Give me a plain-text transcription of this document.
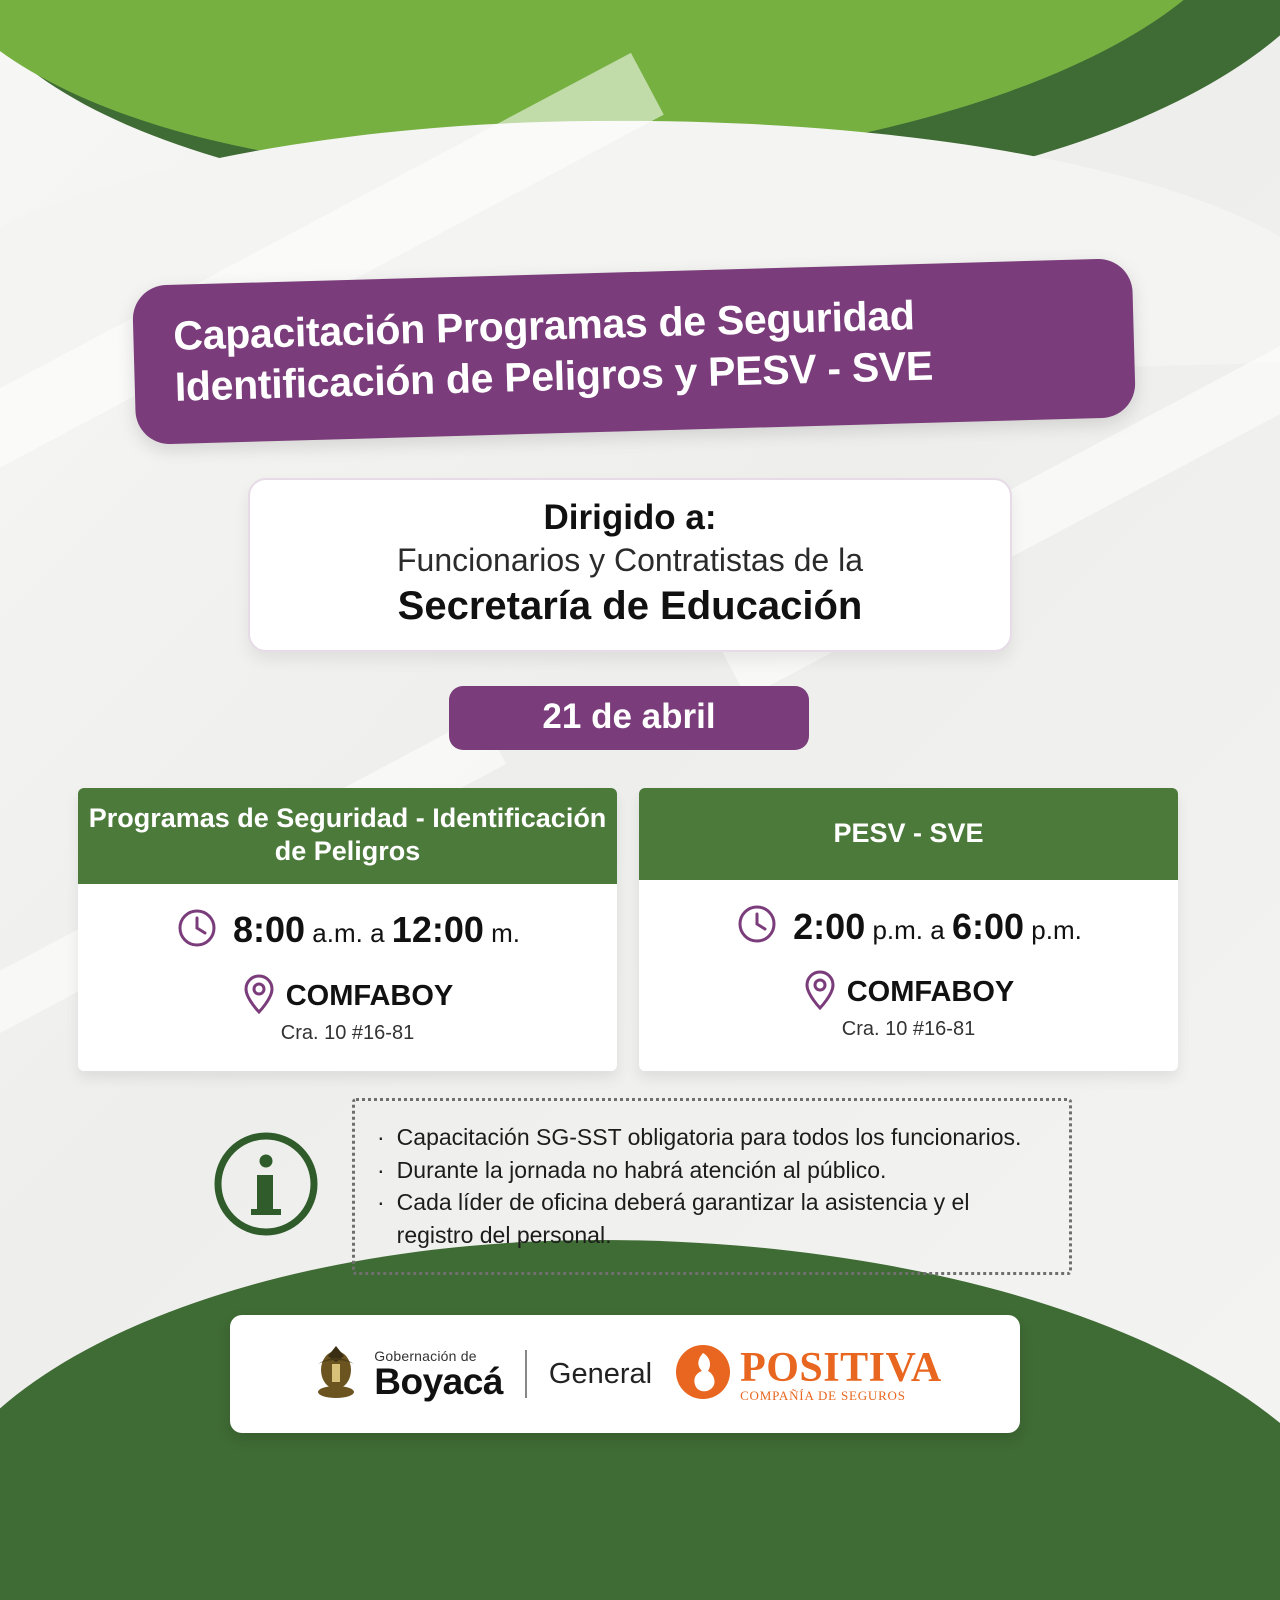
Capacitación Programas de Seguridad
Identificación de Peligros y PESV - SVE
Dirigido a:
Funcionarios y Contratistas de la
Secretaría de Educación
21 de abril
Programas de Seguridad - Identificación de Peligros
8:00 a.m. a 12:00 m.
COMFABOY
Cra. 10 #16-81
PESV - SVE
2:00 p.m. a 6:00 p.m.
COMFABOY
Cra. 10 #16-81
· Capacitación SG-SST obligatoria para todos los funcionarios.
· Durante la jornada no habrá atención al público.
· Cada líder de oficina deberá garantizar la asistencia y el registro del personal.
Gobernación de
Boyacá General POSITIVA
COMPAÑÍA DE SEGUROS
